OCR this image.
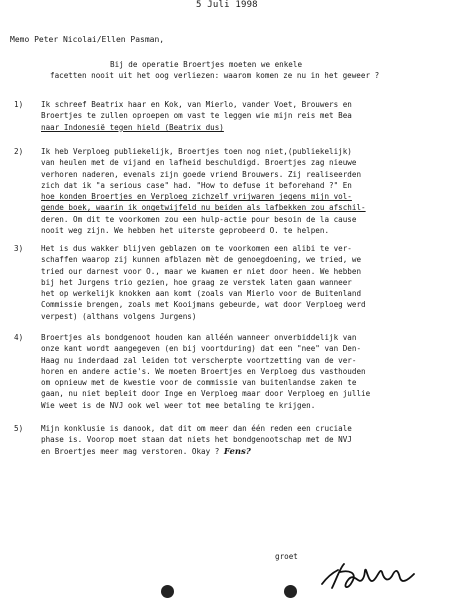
5 Juli 1998
Memo Peter Nicolai/Ellen Pasman,
Bij de operatie Broertjes moeten we enkele
facetten nooit uit het oog verliezen: waarom komen ze nu in het geweer ?
1)	Ik schreef Beatrix haar en Kok, van Mierlo, vander Voet, Brouwers en
Broertjes te zullen oproepen om vast te leggen wie mijn reis met Bea
naar Indonesië tegen hield (Beatrix dus)
2)	Ik heb Verploeg publiekelijk, Broertjes toen nog niet,(publiekelijk)
van heulen met de vijand en lafheid beschuldigd. Broertjes zag nieuwe
verhoren naderen, evenals zijn goede vriend Brouwers. Zij realiseerden
zich dat ik "a serious case" had. "How to defuse it beforehand ?" En
hoe konden Broertjes en Verploeg zichzelf vrijwaren jegens mijn vol-
gende boek, waarin ik ongetwijfeld nu beiden als lafbekken zou afschil-
deren. Om dit te voorkomen zou een hulp-actie pour besoin de la cause
nooit weg zijn. We hebben het uiterste geprobeerd O. te helpen.
3)	Het is dus wakker blijven geblazen om te voorkomen een alibi te ver-
schaffen waarop zij kunnen afblazen mèt de genoegdoening, we tried, we
tried our darnest voor O., maar we kwamen er niet door heen. We hebben
bij het Jurgens trio gezien, hoe graag ze verstek laten gaan wanneer
het op werkelijk knokken aan komt (zoals van Mierlo voor de Buitenland
Commissie brengen, zoals met Kooijmans gebeurde, wat door Verploeg werd
verpest) (althans volgens Jurgens)
4)	Broertjes als bondgenoot houden kan alléén wanneer onverbiddelijk van
onze kant wordt aangegeven (en bij voortduring) dat een "nee" van Den-
Haag nu inderdaad zal leiden tot verscherpte voortzetting van de ver-
horen en andere actie's. We moeten Broertjes en Verploeg dus vasthouden
om opnieuw met de kwestie voor de commissie van buitenlandse zaken te
gaan, nu niet bepleit door Inge en Verploeg maar door Verploeg en jullie
Wie weet is de NVJ ook wel weer tot mee betaling te krijgen.
5)	Mijn konklusie is danook, dat dit om meer dan één reden een cruciale
phase is. Voorop moet staan dat niets het bondgenootschap met de NVJ
en Broertjes meer mag verstoren. Okay ? Fens?
groet
